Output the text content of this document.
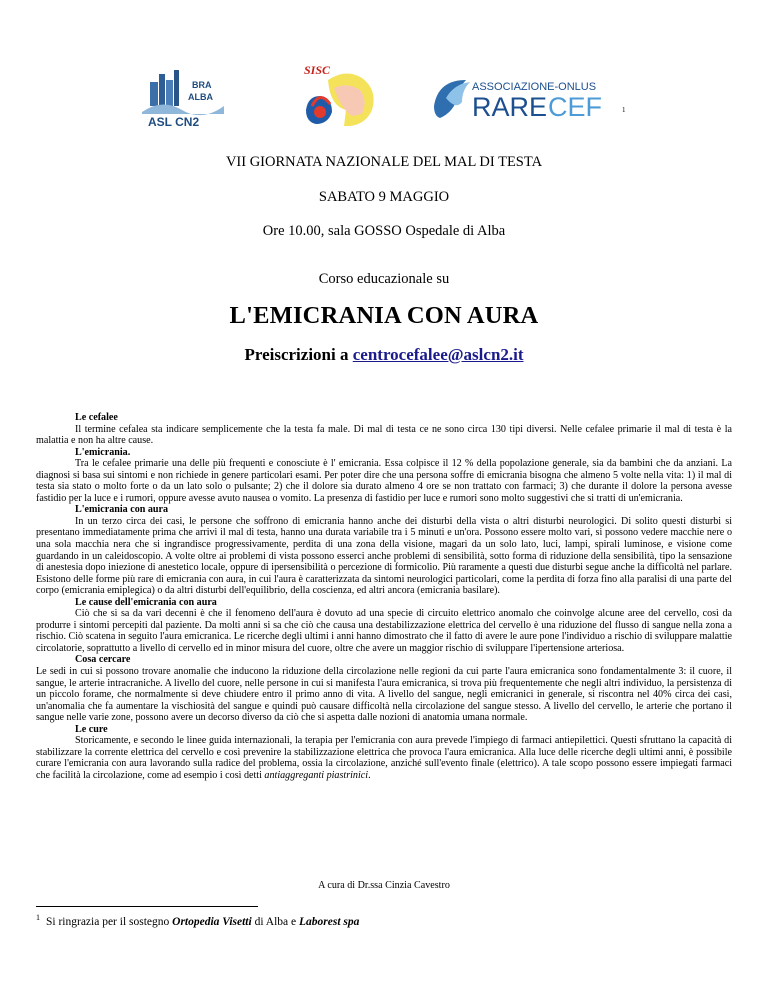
BRA
ALBA
ASL CN2
SISC
ASSOCIAZIONE-ONLUS
RARE CEF	1
VII GIORNATA NAZIONALE DEL MAL DI TESTA
SABATO 9 MAGGIO
Ore 10.00, sala GOSSO Ospedale di Alba
Corso educazionale su
L'EMICRANIA CON AURA
Preiscrizioni a centrocefalee@aslcn2.it
Le cefalee

Il termine cefalea sta indicare semplicemente che la testa fa male. Di mal di testa ce ne sono circa 130 tipi diversi. Nelle cefalee primarie il mal di testa è la malattia e non ha altre cause.

L'emicrania.

Tra le cefalee primarie una delle più frequenti e conosciute è l' emicrania. Essa colpisce il 12 % della popolazione generale, sia da bambini che da anziani. La diagnosi si basa sui sintomi e non richiede in genere particolari esami. Per poter dire che una persona soffre di emicrania bisogna che almeno 5 volte nella vita: 1) il mal di testa sia stato o molto forte o da un lato solo o pulsante; 2) che il dolore sia durato almeno 4 ore se non trattato con farmaci; 3) che durante il dolore la persona avesse fastidio per la luce e i rumori, oppure avesse avuto nausea o vomito. La presenza di fastidio per luce e rumori sono molto suggestivi che si tratti di un'emicrania.

L'emicrania con aura

In un terzo circa dei casi, le persone che soffrono di emicrania hanno anche dei disturbi della vista o altri disturbi neurologici. Di solito questi disturbi si presentano immediatamente prima che arrivi il mal di testa, hanno una durata variabile tra i 5 minuti e un'ora. Possono essere molto vari, si possono vedere macchie nere o una sola macchia nera che si ingrandisce progressivamente, perdita di una zona della visione, magari da un solo lato, luci, lampi, spirali luminose, e visione come guardando in un caleidoscopio. A volte oltre ai problemi di vista possono esserci anche problemi di sensibilità, sotto forma di riduzione della sensibilità, tipo la sensazione di anestesia dopo iniezione di anestetico locale, oppure di ipersensibilità o percezione di formicolio. Più raramente a questi due disturbi segue anche la difficoltà nel parlare. Esistono delle forme più rare di emicrania con aura, in cui l'aura è caratterizzata da sintomi neurologici particolari, come la perdita di forza fino alla paralisi di una parte del corpo (emicrania emiplegica) o da altri disturbi dell'equilibrio, della coscienza, ed altri ancora (emicrania basilare).

Le cause dell'emicrania con aura

Ciò che si sa da vari decenni è che il fenomeno dell'aura è dovuto ad una specie di circuito elettrico anomalo che coinvolge alcune aree del cervello, così da produrre i sintomi percepiti dal paziente. Da molti anni si sa che ciò che causa una destabilizzazione elettrica del cervello è una riduzione del flusso di sangue nella zona a rischio. Ciò scatena in seguito l'aura emicranica. Le ricerche degli ultimi i anni hanno dimostrato che il fatto di avere le aure pone l'individuo a rischio di sviluppare malattie circolatorie, soprattutto a livello di cervello ed in minor misura del cuore, oltre che avere un maggior rischio di sviluppare l'ipertensione arteriosa.

Cosa cercare

Le sedi in cui si possono trovare anomalie che inducono la riduzione della circolazione nelle regioni da cui parte l'aura emicranica sono fondamentalmente 3: il cuore, il sangue, le arterie intracraniche. A livello del cuore, nelle persone in cui si manifesta l'aura emicranica, si trova più frequentemente che negli altri individuo, la persistenza di un piccolo forame, che normalmente si deve chiudere entro il primo anno di vita. A livello del sangue, negli emicranici in generale, si riscontra nel 40% circa dei casi, un'anomalia che fa aumentare la vischiosità del sangue e quindi può causare difficoltà nella circolazione del sangue stesso. A livello del cervello, le arterie che portano il sangue nelle varie zone, possono avere un decorso diverso da ciò che si aspetta dalle nozioni di anatomia umana normale.

Le cure

Storicamente, e secondo le linee guida internazionali, la terapia per l'emicrania con aura prevede l'impiego di farmaci antiepilettici. Questi sfruttano la capacità di stabilizzare la corrente elettrica del cervello e così prevenire la stabilizzazione elettrica che provoca l'aura emicranica. Alla luce delle ricerche degli ultimi anni, è possibile curare l'emicrania con aura lavorando sulla radice del problema, ossia la circolazione, anziché sull'evento finale (elettrico). A tale scopo possono essere impiegati farmaci che facilità la circolazione, come ad esempio i così detti antiaggreganti piastrinici.

A cura di Dr.ssa Cinzia Cavestro
$^1$ Si ringrazia per il sostegno Ortopedia Visetti di Alba e Laborest spa
